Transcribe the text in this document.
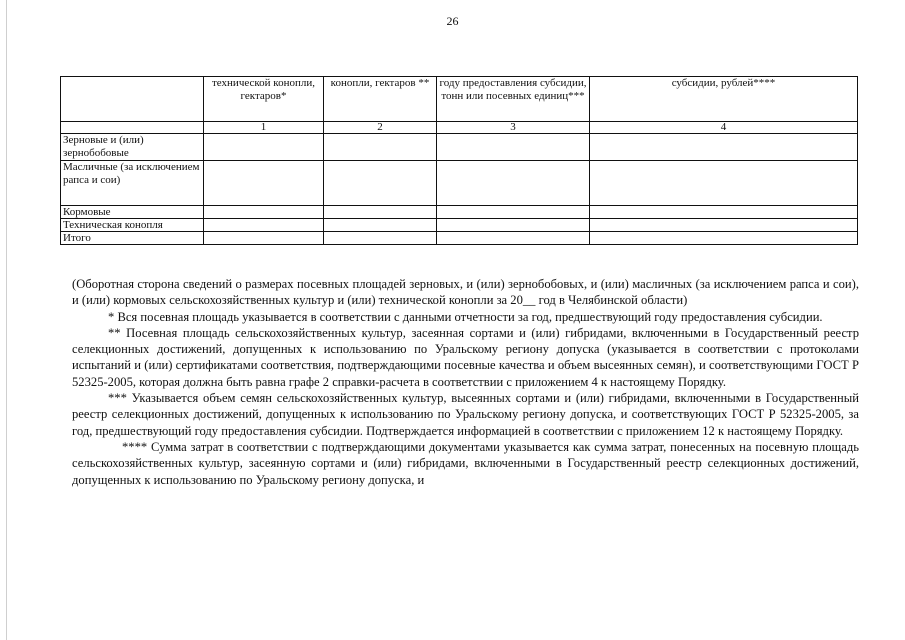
26
	технической конопли, гектаров*	конопли, гектаров **	году предоставления субсидии, тонн или посевных единиц***	субсидии, рублей****
	1	2	3	4
Зерновые и (или) зернобобовые				
Масличные (за исключением рапса и сои)				
Кормовые				
Техническая конопля				
Итого				

(Оборотная сторона сведений о размерах посевных площадей зерновых, и (или) зернобобовых, и (или) масличных (за исключением рапса и сои), и (или) кормовых сельскохозяйственных культур и (или) технической конопли за 20__ год в Челябинской области)

* Вся посевная площадь указывается в соответствии с данными отчетности за год, предшествующий году предоставления субсидии.

** Посевная площадь сельскохозяйственных культур, засеянная сортами и (или) гибридами, включенными в Государственный реестр селекционных достижений, допущенных к использованию по Уральскому региону допуска (указывается в соответствии с протоколами испытаний и (или) сертификатами соответствия, подтверждающими посевные качества и объем высеянных семян), и соответствующими ГОСТ Р 52325-2005, которая должна быть равна графе 2 справки-расчета в соответствии с приложением 4 к настоящему Порядку.

*** Указывается объем семян сельскохозяйственных культур, высеянных сортами и (или) гибридами, включенными в Государственный реестр селекционных достижений, допущенных к использованию по Уральскому региону допуска, и соответствующих ГОСТ Р 52325-2005, за год, предшествующий году предоставления субсидии. Подтверждается информацией в соответствии с приложением 12 к настоящему Порядку.

**** Сумма затрат в соответствии с подтверждающими документами указывается как сумма затрат, понесенных на посевную площадь сельскохозяйственных культур, засеянную сортами и (или) гибридами, включенными в Государственный реестр селекционных достижений, допущенных к использованию по Уральскому региону допуска, и
